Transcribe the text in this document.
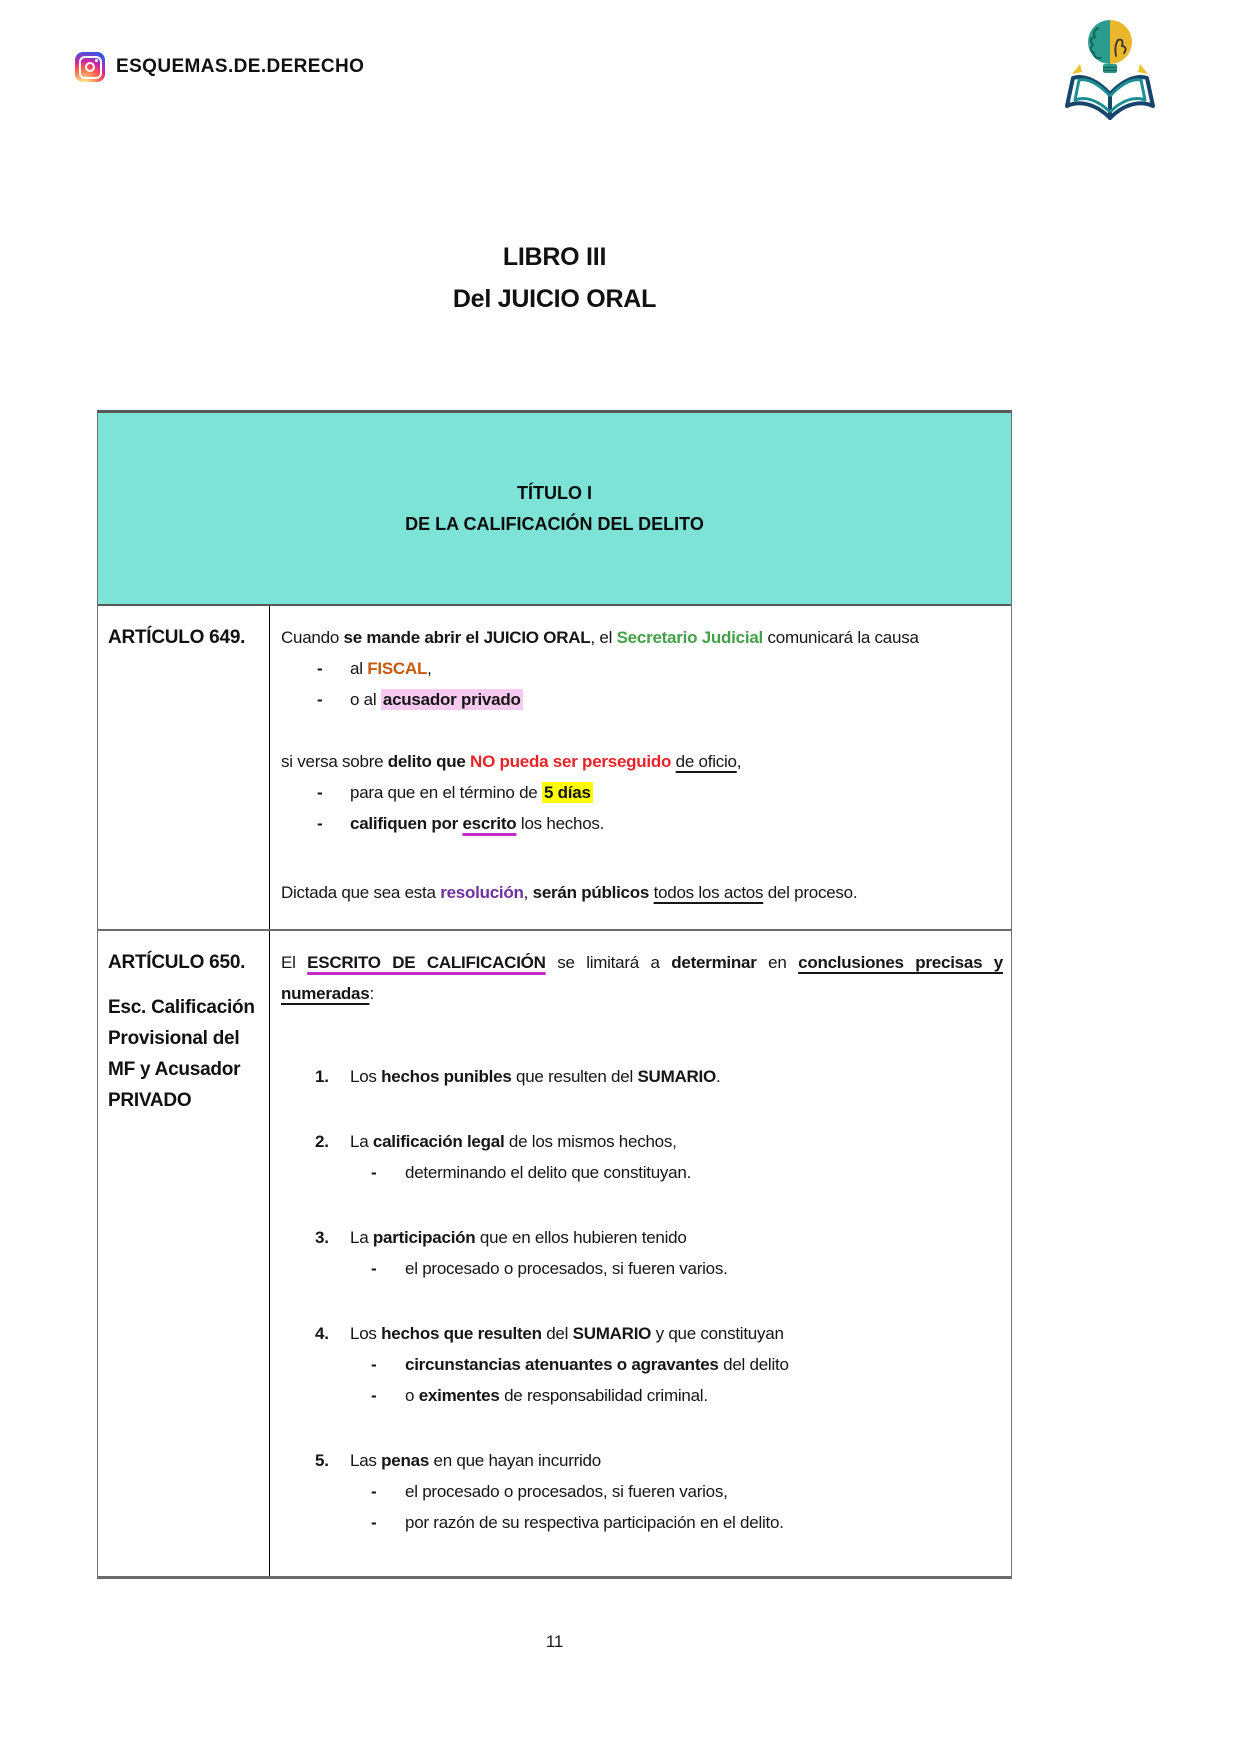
ESQUEMAS.DE.DERECHO
LIBRO III
Del JUICIO ORAL
TÍTULO I
DE LA CALIFICACIÓN DEL DELITO
ARTÍCULO 649.	Cuando se mande abrir el JUICIO ORAL, el Secretario Judicial comunicará la causa
- al FISCAL,
- o al acusador privado
si versa sobre delito que NO pueda ser perseguido de oficio,
- para que en el término de 5 días
- califiquen por escrito los hechos.
Dictada que sea esta resolución, serán públicos todos los actos del proceso.
ARTÍCULO 650.
Esc. Calificación
Provisional del
MF y Acusador
PRIVADO
El ESCRITO DE CALIFICACIÓN se limitará a determinar en conclusiones precisas y
numeradas:
1. Los hechos punibles que resulten del SUMARIO.
2. La calificación legal de los mismos hechos,
- determinando el delito que constituyan.
3. La participación que en ellos hubieren tenido
- el procesado o procesados, si fueren varios.
4. Los hechos que resulten del SUMARIO y que constituyan
- circunstancias atenuantes o agravantes del delito
- o eximentes de responsabilidad criminal.
5. Las penas en que hayan incurrido
- el procesado o procesados, si fueren varios,
- por razón de su respectiva participación en el delito.
11
